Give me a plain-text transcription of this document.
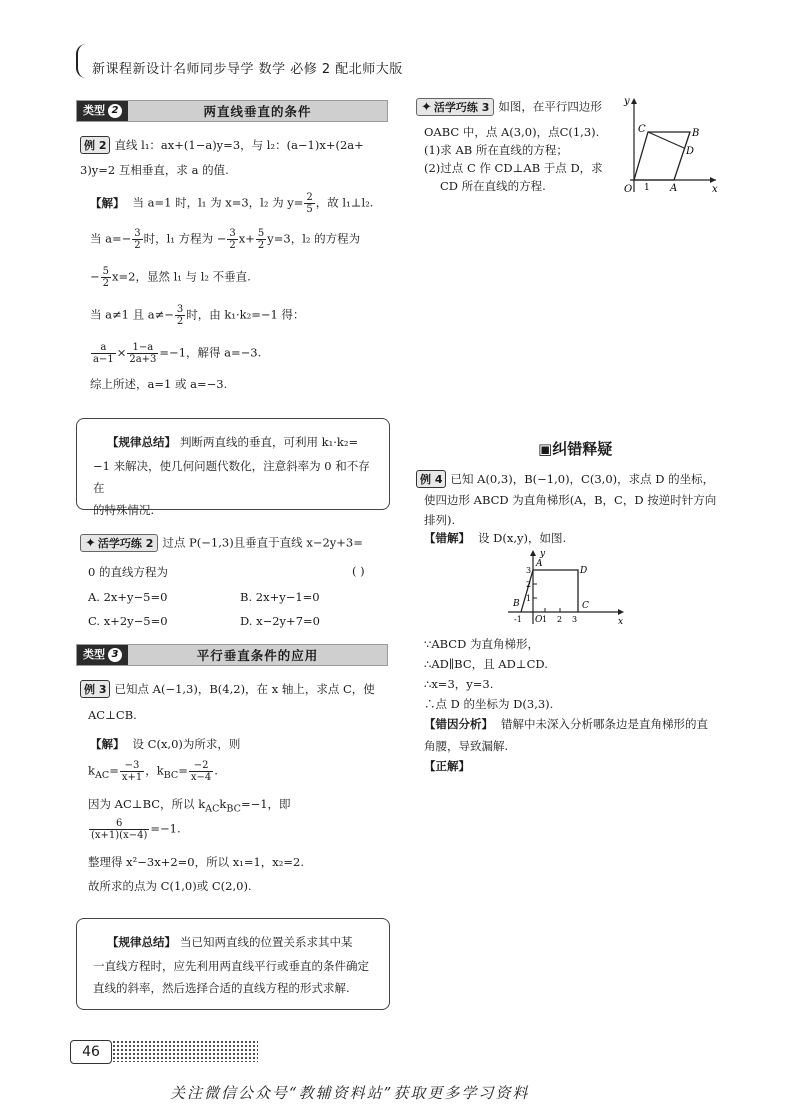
新课程新设计名师同步导学 数学 必修 2 配北师大版
类型 2	两直线垂直的条件
例 2 直线 l₁：ax+(1−a)y=3，与 l₂：(a−1)x+(2a+
3)y=2 互相垂直，求 a 的值.
【解】 当 a=1 时，l₁ 为 x=3，l₂ 为 $y= \frac{2}{5}$ ，故 l₁⊥l₂.
当 $a=- \frac{3}{2}$ 时，l₁ 方程为 − $\frac{3}{2} x+ \frac{5}{2} y=3$，l₂ 的方程为
− $\frac{5}{2} x=2$，显然 l₁ 与 l₂ 不垂直.
当 a≠1 且 $a\ne- \frac{3}{2}$ 时，由 k₁·k₂=−1 得：
$\frac{a}{a-1} \times \frac{1-a}{2a+3} =-1$，解得 a=−3.
综上所述，a=1 或 a=−3.
【规律总结】 判断两直线的垂直，可利用 k₁·k₂=
−1 来解决，使几何问题代数化，注意斜率为 0 和不存在
的特殊情况.
✦ 活学巧练 2 过点 P(−1,3)且垂直于直线 x−2y+3=
0 的直线方程为	( )
A. 2x+y−5=0	B. 2x+y−1=0
C. x+2y−5=0	D. x−2y+7=0
类型 3	平行垂直条件的应用
例 3 已知点 A(−1,3)，B(4,2)，在 x 轴上，求点 C，使
AC⊥CB.
【解】 设 C(x,0)为所求，则
$k_{AC}= \frac{-3}{x+1}$ ，$k_{BC}= \frac{-2}{x-4}$ .
因为 AC⊥BC，所以 $k_{AC}k_{BC}=-1$，即
$\frac{6}{(x+1)(x-4)} =-1$.
整理得 x²−3x+2=0，所以 x₁=1，x₂=2.
故所求的点为 C(1,0)或 C(2,0).
【规律总结】 当已知两直线的位置关系求其中某
一直线方程时，应先利用两直线平行或垂直的条件确定
直线的斜率，然后选择合适的直线方程的形式求解.
✦ 活学巧练 3 如图，在平行四边形
OABC 中，点 A(3,0)，点C(1,3).
(1)求 AB 所在直线的方程；
(2)过点 C 作 CD⊥AB 于点 D，求
CD 所在直线的方程.
y
x
O 1 A
B
C
D
▣纠错释疑
例 4 已知 A(0,3)，B(−1,0)，C(3,0)，求点 D 的坐标，
使四边形 ABCD 为直角梯形(A，B，C，D 按逆时针方向
排列).
【错解】 设 D(x,y)，如图.
y
x
O
A
B	C
D
1 2 3
-1
1
2
3
∵ABCD 为直角梯形，
∴AD∥BC，且 AD⊥CD.
∴x=3，y=3.
∴点 D 的坐标为 D(3,3).
【错因分析】 错解中未深入分析哪条边是直角梯形的直
角腰，导致漏解.
【正解】
46
关注微信公众号“教辅资料站”获取更多学习资料
